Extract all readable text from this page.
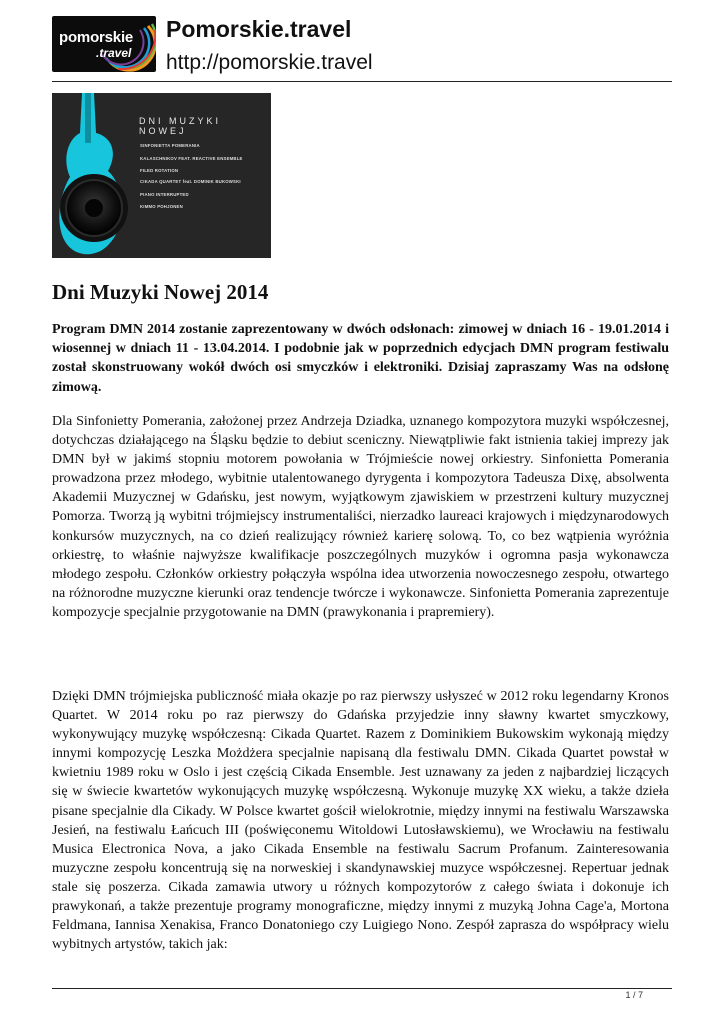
pomorskie
.travel
Pomorskie.travel
http://pomorskie.travel
DNI MUZYKI NOWEJ
SINFONIETTA POMERANIA
KALASCHNIKOV FEAT. REACTIVE ENSEMBLE
FILED ROTATION
CIKADA QUARTET feat. DOMINIK BUKOWSKI
PIANO INTERRUPTED
KIMMO POHJONEN
Dni Muzyki Nowej 2014

Program DMN 2014 zostanie zaprezentowany w dwóch odsłonach: zimowej w dniach 16 - 19.01.2014 i wiosennej w dniach 11 - 13.04.2014. I podobnie jak w poprzednich edycjach DMN program festiwalu został skonstruowany wokół dwóch osi smyczków i elektroniki. Dzisiaj zapraszamy Was na odsłonę zimową.

Dla Sinfonietty Pomerania, założonej przez Andrzeja Dziadka, uznanego kompozytora muzyki współczesnej, dotychczas działającego na Śląsku będzie to debiut sceniczny. Niewątpliwie fakt istnienia takiej imprezy jak DMN był w jakimś stopniu motorem powołania w Trójmieście nowej orkiestry. Sinfonietta Pomerania prowadzona przez młodego, wybitnie utalentowanego dyrygenta i kompozytora Tadeusza Dixę, absolwenta Akademii Muzycznej w Gdańsku, jest nowym, wyjątkowym zjawiskiem w przestrzeni kultury muzycznej Pomorza. Tworzą ją wybitni trójmiejscy instrumentaliści, nierzadko laureaci krajowych i międzynarodowych konkursów muzycznych, na co dzień realizujący również karierę solową. To, co bez wątpienia wyróżnia orkiestrę, to właśnie najwyższe kwalifikacje poszczególnych muzyków i ogromna pasja wykonawcza młodego zespołu. Członków orkiestry połączyła wspólna idea utworzenia nowoczesnego zespołu, otwartego na różnorodne muzyczne kierunki oraz tendencje twórcze i wykonawcze. Sinfonietta Pomerania zaprezentuje kompozycje specjalnie przygotowanie na DMN (prawykonania i prapremiery).

Dzięki DMN trójmiejska publiczność miała okazje po raz pierwszy usłyszeć w 2012 roku legendarny Kronos Quartet. W 2014 roku po raz pierwszy do Gdańska przyjedzie inny sławny kwartet smyczkowy, wykonywujący muzykę współczesną: Cikada Quartet. Razem z Dominikiem Bukowskim wykonają między innymi kompozycję Leszka Możdżera specjalnie napisaną dla festiwalu DMN. Cikada Quartet powstał w kwietniu 1989 roku w Oslo i jest częścią Cikada Ensemble. Jest uznawany za jeden z najbardziej liczących się w świecie kwartetów wykonujących muzykę współczesną. Wykonuje muzykę XX wieku, a także dzieła pisane specjalnie dla Cikady. W Polsce kwartet gościł wielokrotnie, między innymi na festiwalu Warszawska Jesień, na festiwalu Łańcuch III (poświęconemu Witoldowi Lutosławskiemu), we Wrocławiu na festiwalu Musica Electronica Nova, a jako Cikada Ensemble na festiwalu Sacrum Profanum. Zainteresowania muzyczne zespołu koncentrują się na norweskiej i skandynawskiej muzyce współczesnej. Repertuar jednak stale się poszerza. Cikada zamawia utwory u różnych kompozytorów z całego świata i dokonuje ich prawykonań, a także prezentuje programy monograficzne, między innymi z muzyką Johna Cage'a, Mortona Feldmana, Iannisa Xenakisa, Franco Donatoniego czy Luigiego Nono. Zespół zaprasza do współpracy wielu wybitnych artystów, takich jak:

1 / 7
